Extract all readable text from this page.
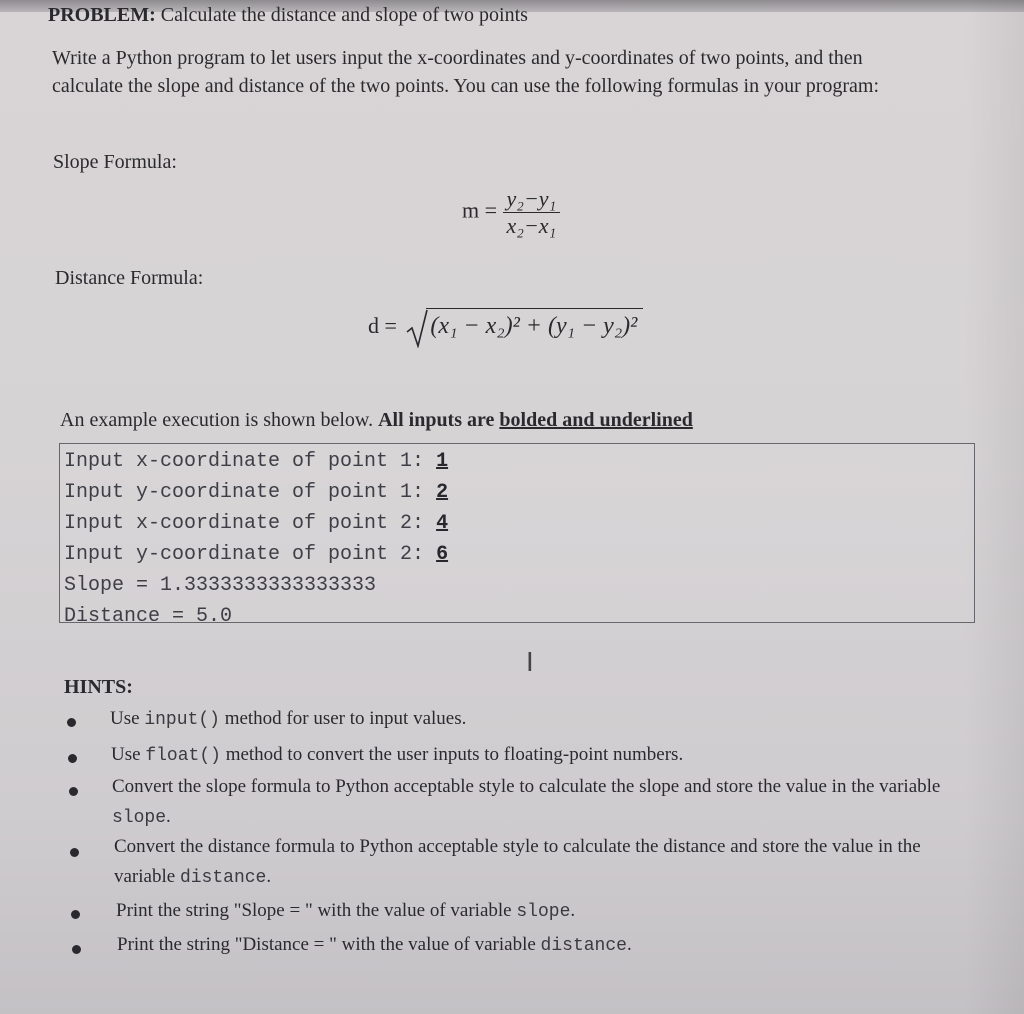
PROBLEM: Calculate the distance and slope of two points
Write a Python program to let users input the x-coordinates and y-coordinates of two points, and then
calculate the slope and distance of the two points. You can use the following formulas in your program:
Slope Formula:
$m = \frac{\text{y₂−y₁}}{\text{x₂−x₁}}$
Distance Formula:
d = (x₁ − x₂)² + (y₁ − y₂)²
An example execution is shown below. All inputs are bolded and underlined
Input x-coordinate of point 1: 1
Input y-coordinate of point 1: 2
Input x-coordinate of point 2: 4
Input y-coordinate of point 2: 6
Slope = 1.3333333333333333
Distance = 5.0
I
HINTS:
Use input() method for user to input values.
Use float() method to convert the user inputs to floating-point numbers.
Convert the slope formula to Python acceptable style to calculate the slope and store the value in the variable slope.
Convert the distance formula to Python acceptable style to calculate the distance and store the value in the variable distance.
Print the string "Slope = " with the value of variable slope.
Print the string "Distance = " with the value of variable distance.
